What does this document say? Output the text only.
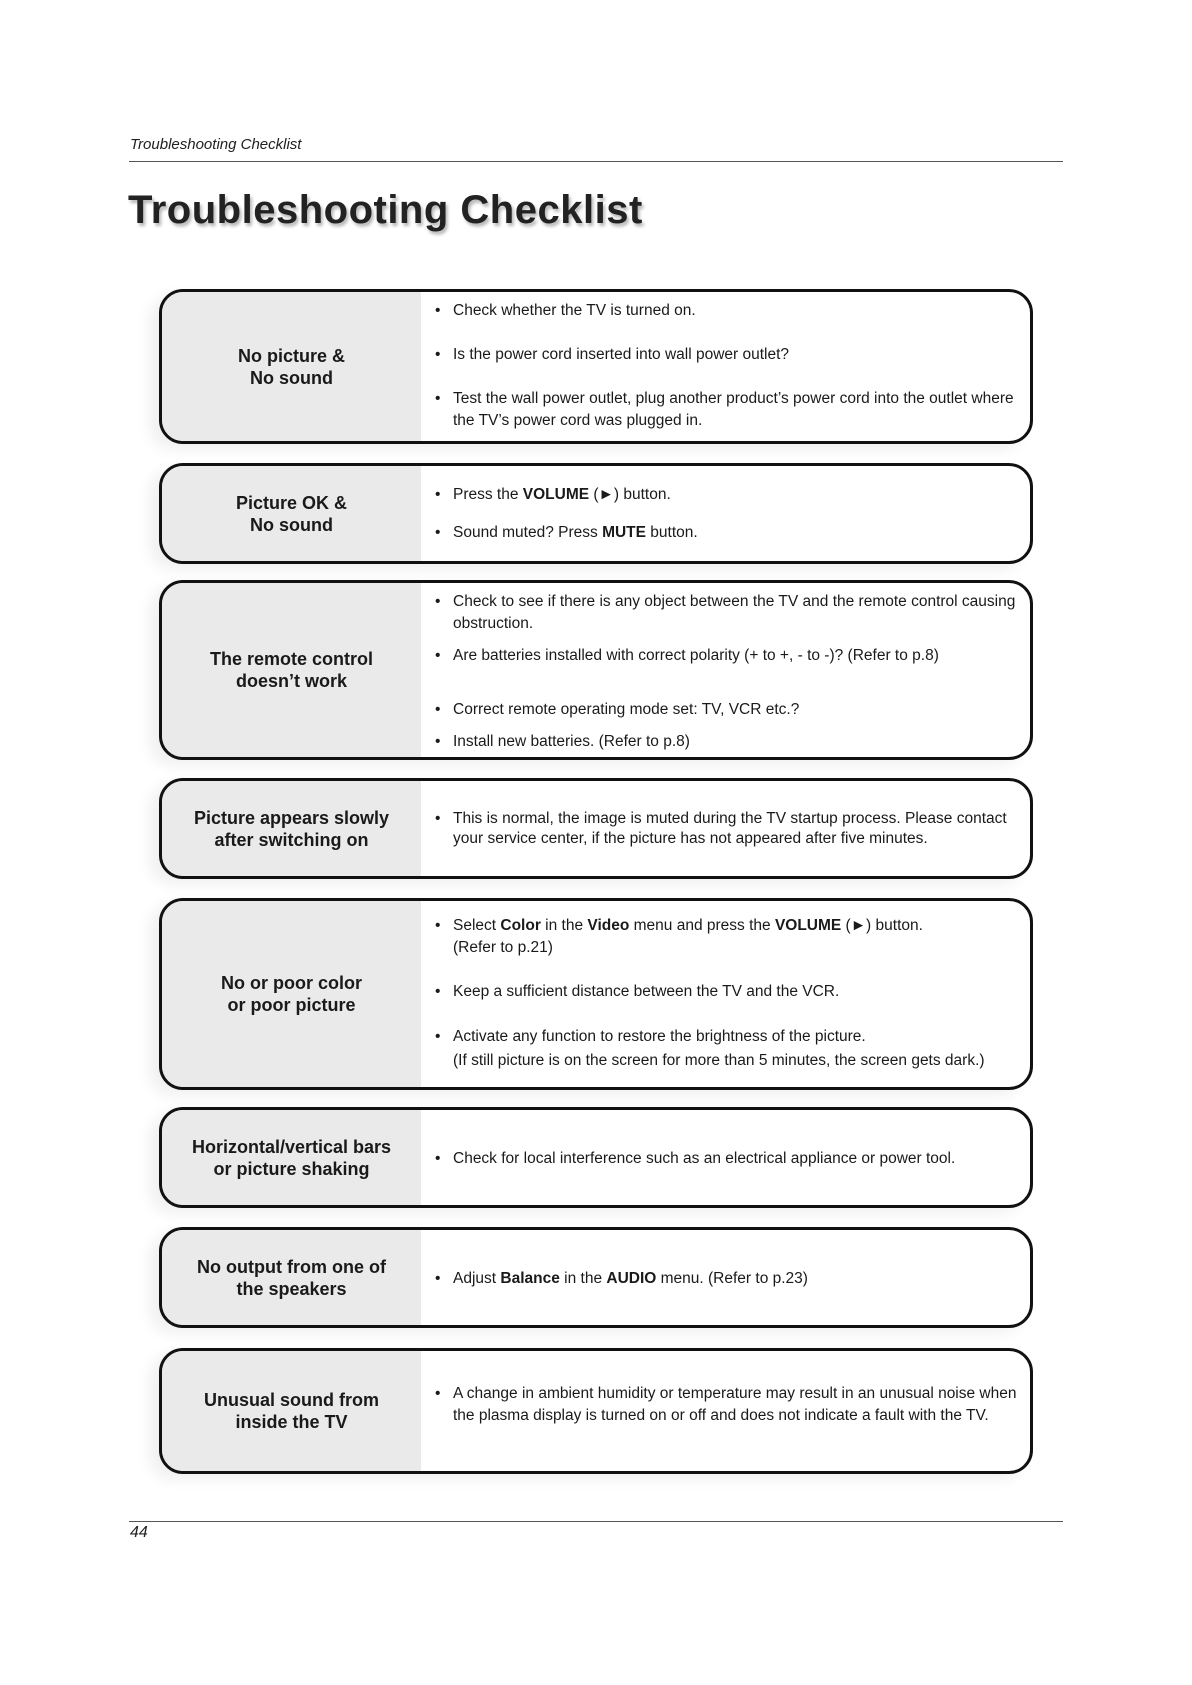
Troubleshooting Checklist
Troubleshooting Checklist
No picture &
No sound
• Check whether the TV is turned on.
• Is the power cord inserted into wall power outlet?
• Test the wall power outlet, plug another product’s power cord into the outlet where the TV’s power cord was plugged in.
Picture OK &
No sound
• Press the VOLUME (►) button.
• Sound muted? Press MUTE button.
The remote control
doesn’t work
• Check to see if there is any object between the TV and the remote control causing obstruction.
• Are batteries installed with correct polarity (+ to +, - to -)? (Refer to p.8)
• Correct remote operating mode set: TV, VCR etc.?
• Install new batteries. (Refer to p.8)
Picture appears slowly
after switching on
• This is normal, the image is muted during the TV startup process. Please contact your service center, if the picture has not appeared after five minutes.
No or poor color
or poor picture
• Select Color in the Video menu and press the VOLUME (►) button.
(Refer to p.21)
• Keep a sufficient distance between the TV and the VCR.
• Activate any function to restore the brightness of the picture.
(If still picture is on the screen for more than 5 minutes, the screen gets dark.)
Horizontal/vertical bars
or picture shaking	• Check for local interference such as an electrical appliance or power tool.
No output from one of
the speakers	• Adjust Balance in the AUDIO menu. (Refer to p.23)
Unusual sound from
inside the TV
• A change in ambient humidity or temperature may result in an unusual noise when the plasma display is turned on or off and does not indicate a fault with the TV.
44
